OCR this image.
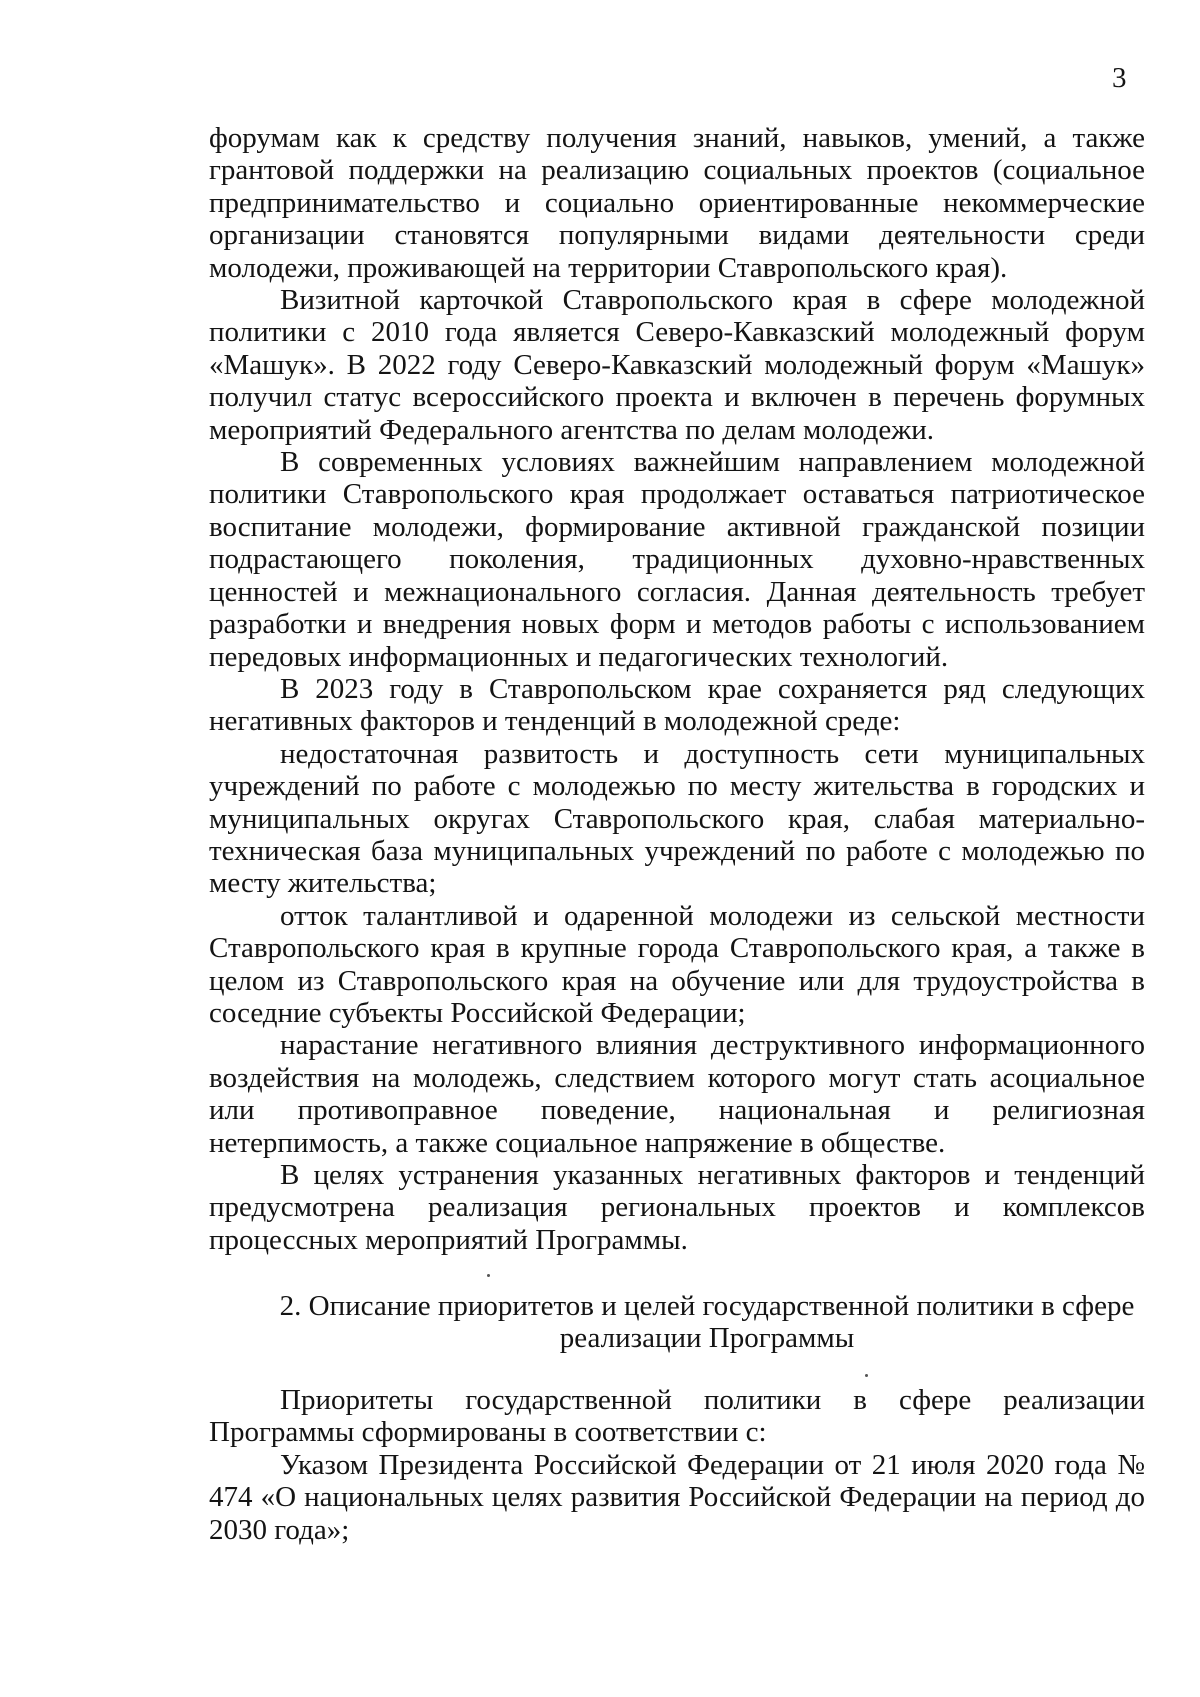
3

форумам как к средству получения знаний, навыков, умений, а также грантовой поддержки на реализацию социальных проектов (социальное предпринимательство и социально ориентированные некоммерческие организации становятся популярными видами деятельности среди молодежи, проживающей на территории Ставропольского края).

Визитной карточкой Ставропольского края в сфере молодежной политики с 2010 года является Северо-Кавказский молодежный форум «Машук». В 2022 году Северо-Кавказский молодежный форум «Машук» получил статус всероссийского проекта и включен в перечень форумных мероприятий Федерального агентства по делам молодежи.

В современных условиях важнейшим направлением молодежной политики Ставропольского края продолжает оставаться патриотическое воспитание молодежи, формирование активной гражданской позиции подрастающего поколения, традиционных духовно-нравственных ценностей и межнационального согласия. Данная деятельность требует разработки и внедрения новых форм и методов работы с использованием передовых информационных и педагогических технологий.

В 2023 году в Ставропольском крае сохраняется ряд следующих негативных факторов и тенденций в молодежной среде:

недостаточная развитость и доступность сети муниципальных учреждений по работе с молодежью по месту жительства в городских и муниципальных округах Ставропольского края, слабая материально-техническая база муниципальных учреждений по работе с молодежью по месту жительства;

отток талантливой и одаренной молодежи из сельской местности Ставропольского края в крупные города Ставропольского края, а также в целом из Ставропольского края на обучение или для трудоустройства в соседние субъекты Российской Федерации;

нарастание негативного влияния деструктивного информационного воздействия на молодежь, следствием которого могут стать асоциальное или противоправное поведение, национальная и религиозная нетерпимость, а также социальное напряжение в обществе.

В целях устранения указанных негативных факторов и тенденций предусмотрена реализация региональных проектов и комплексов процессных мероприятий Программы.

2. Описание приоритетов и целей государственной политики в сфере

реализации Программы

Приоритеты государственной политики в сфере реализации Программы сформированы в соответствии с:

Указом Президента Российской Федерации от 21 июля 2020 года № 474 «О национальных целях развития Российской Федерации на период до 2030 года»;
